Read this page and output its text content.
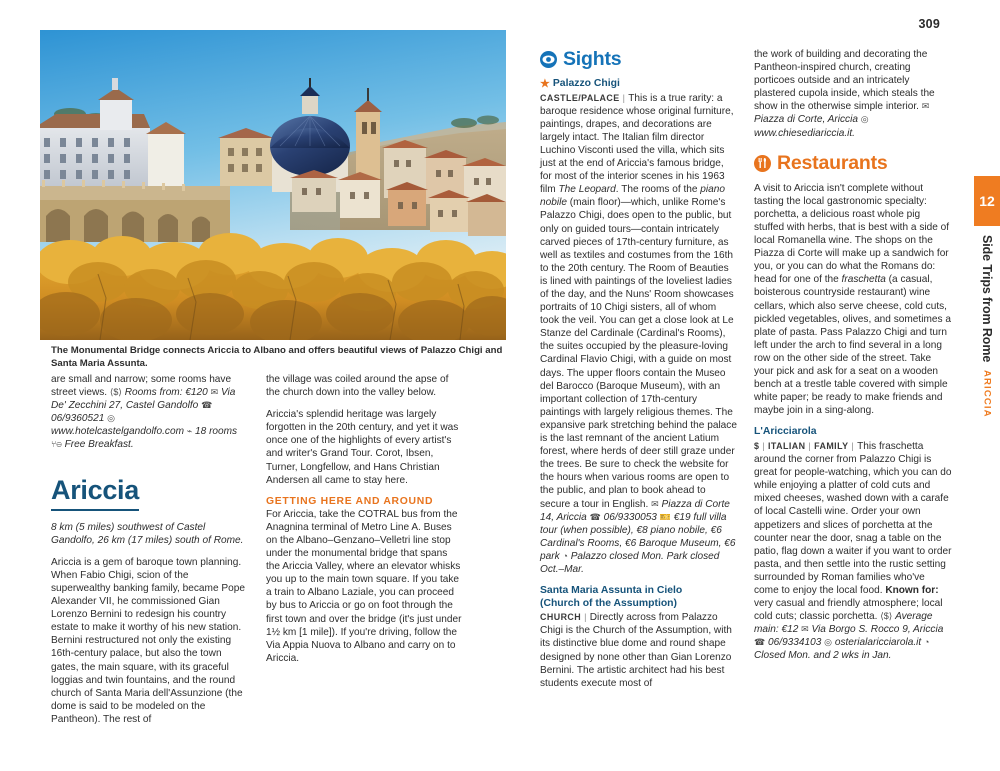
309
The Monumental Bridge connects Ariccia to Albano and offers beautiful views of Palazzo Chigi and Santa Maria Assunta.

are small and narrow; some rooms have street views. ⟨$⟩ Rooms from: €120 ✉ Via De' Zecchini 27, Castel Gandolfo ☎ 06/9360521 ◎ www.hotelcastelgandolfo.com ⌁ 18 rooms ⑂⊖ Free Breakfast.

Ariccia
8 km (5 miles) southwest of Castel Gandolfo, 26 km (17 miles) south of Rome.

Ariccia is a gem of baroque town planning. When Fabio Chigi, scion of the superwealthy banking family, became Pope Alexander VII, he commissioned Gian Lorenzo Bernini to redesign his country estate to make it worthy of his new station. Bernini restructured not only the existing 16th-century palace, but also the town gates, the main square, with its graceful loggias and twin fountains, and the round church of Santa Maria dell'Assunzione (the dome is said to be modeled on the Pantheon). The rest of

the village was coiled around the apse of the church down into the valley below.

Ariccia's splendid heritage was largely forgotten in the 20th century, and yet it was once one of the highlights of every artist's and writer's Grand Tour. Corot, Ibsen, Turner, Longfellow, and Hans Christian Andersen all came to stay here.

GETTING HERE AND AROUND

For Ariccia, take the COTRAL bus from the Anagnina terminal of Metro Line A. Buses on the Albano–Genzano–Velletri line stop under the monumental bridge that spans the Ariccia Valley, where an elevator whisks you up to the main town square. If you take a train to Albano Laziale, you can proceed by bus to Ariccia or go on foot through the first town and over the bridge (it's just under 1½ km [1 mile]). If you're driving, follow the Via Appia Nuova to Albano and carry on to Ariccia.

Sights
★ Palazzo Chigi

CASTLE/PALACE | This is a true rarity: a baroque residence whose original furniture, paintings, drapes, and decorations are largely intact. The Italian film director Luchino Visconti used the villa, which sits just at the end of Ariccia's famous bridge, for most of the interior scenes in his 1963 film The Leopard. The rooms of the piano nobile (main floor)—which, unlike Rome's Palazzo Chigi, does open to the public, but only on guided tours—contain intricately carved pieces of 17th-century furniture, as well as textiles and costumes from the 16th to the 20th century. The Room of Beauties is lined with paintings of the loveliest ladies of the day, and the Nuns' Room showcases portraits of 10 Chigi sisters, all of whom took the veil. You can get a close look at Le Stanze del Cardinale (Cardinal's Rooms), the suites occupied by the pleasure-loving Cardinal Flavio Chigi, with a guide on most days. The upper floors contain the Museo del Barocco (Baroque Museum), with an important collection of 17th-century paintings with largely religious themes. The expansive park stretching behind the palace is the last remnant of the ancient Latium forest, where herds of deer still graze under the trees. Be sure to check the website for the hours when various rooms are open to the public, and plan to book ahead to secure a tour in English. ✉ Piazza di Corte 14, Ariccia ☎ 06/9330053 🎫 €19 full villa tour (when possible), €8 piano nobile, €6 Cardinal's Rooms, €6 Baroque Museum, €6 park ◔ Palazzo closed Mon. Park closed Oct.–Mar.

Santa Maria Assunta in Cielo
(Church of the Assumption)

CHURCH | Directly across from Palazzo Chigi is the Church of the Assumption, with its distinctive blue dome and round shape designed by none other than Gian Lorenzo Bernini. The artistic architect had his best students execute most of

the work of building and decorating the Pantheon-inspired church, creating porticoes outside and an intricately plastered cupola inside, which steals the show in the otherwise simple interior. ✉ Piazza di Corte, Ariccia ◎ www.chiesediariccia.it.

Restaurants

A visit to Ariccia isn't complete without tasting the local gastronomic specialty: porchetta, a delicious roast whole pig stuffed with herbs, that is best with a side of local Romanella wine. The shops on the Piazza di Corte will make up a sandwich for you, or you can do what the Romans do: head for one of the fraschetta (a casual, boisterous countryside restaurant) wine cellars, which also serve cheese, cold cuts, pickled vegetables, olives, and sometimes a plate of pasta. Pass Palazzo Chigi and turn left under the arch to find several in a long row on the other side of the street. Take your pick and ask for a seat on a wooden bench at a trestle table covered with simple white paper; be ready to make friends and maybe join in a sing-along.

L'Aricciarola

$ | ITALIAN | FAMILY | This fraschetta around the corner from Palazzo Chigi is great for people-watching, which you can do while enjoying a platter of cold cuts and mixed cheeses, washed down with a carafe of local Castelli wine. Order your own appetizers and slices of porchetta at the counter near the door, snag a table on the patio, flag down a waiter if you want to order pasta, and then settle into the rustic setting surrounded by Roman families who've come to enjoy the local food. Known for: very casual and friendly atmosphere; local cold cuts; classic porchetta. ⟨$⟩ Average main: €12 ✉ Via Borgo S. Rocco 9, Ariccia ☎ 06/9334103 ◎ osterialaricciarola.it ◔ Closed Mon. and 2 wks in Jan.

12
Side Trips from Rome
ARICCIA
